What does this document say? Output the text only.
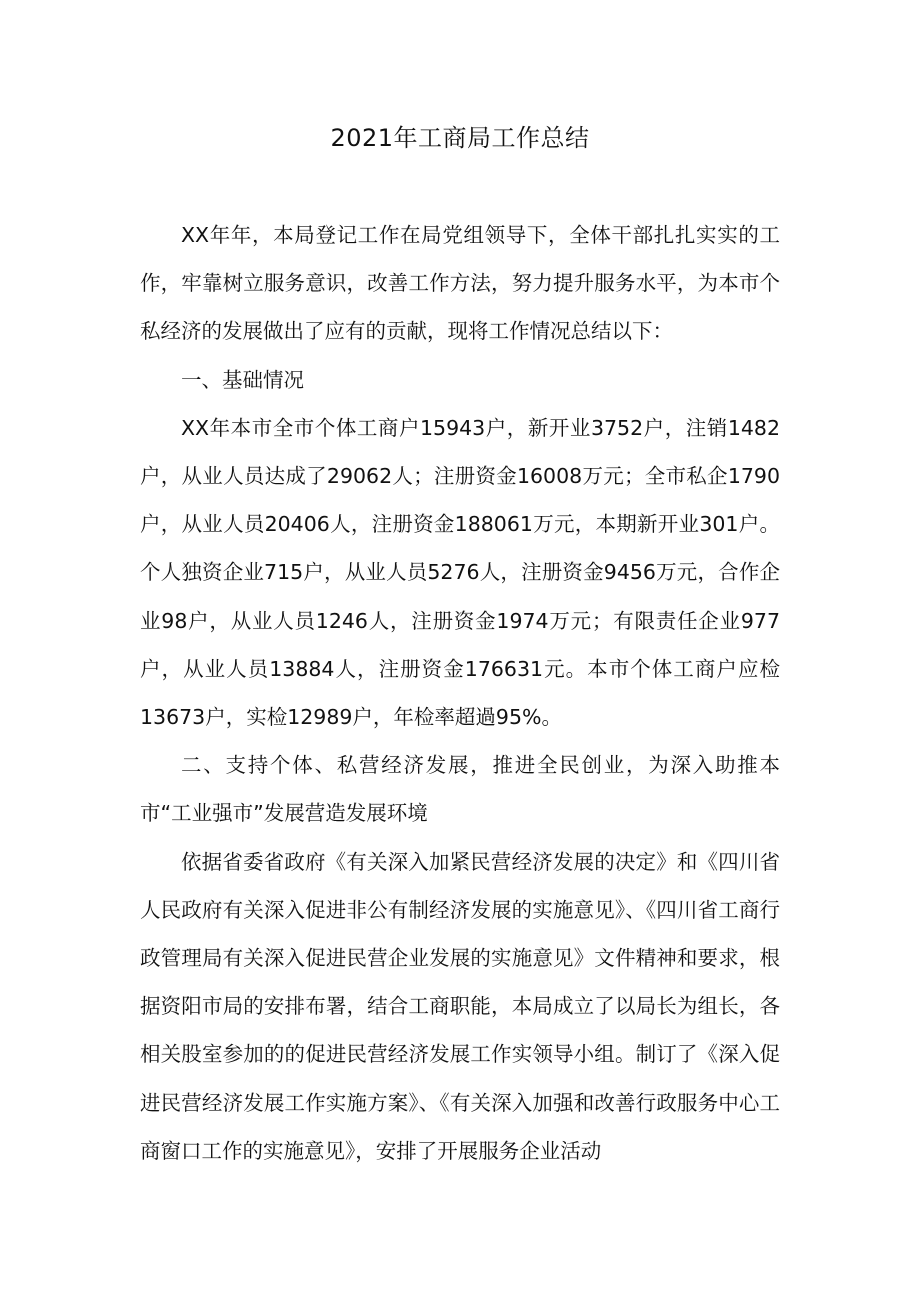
2021年工商局工作总结

XX年年，本局登记工作在局党组领导下，全体干部扎扎实实的工作，牢靠树立服务意识，改善工作方法，努力提升服务水平，为本市个私经济的发展做出了应有的贡献，现将工作情况总结以下：

一、基础情况

XX年本市全市个体工商户15943户，新开业3752户，注销1482户，从业人员达成了29062人；注册资金16008万元；全市私企1790户，从业人员20406人，注册资金188061万元，本期新开业301户。个人独资企业715户，从业人员5276人，注册资金9456万元，合作企业98户，从业人员1246人，注册资金1974万元；有限责任企业977户，从业人员13884人，注册资金176631元。本市个体工商户应检13673户，实检12989户，年检率超過95%。

二、支持个体、私营经济发展，推进全民创业，为深入助推本市“工业强市”发展营造发展环境

依据省委省政府《有关深入加紧民营经济发展的决定》和《四川省人民政府有关深入促进非公有制经济发展的实施意见》、《四川省工商行政管理局有关深入促进民营企业发展的实施意见》文件精神和要求，根据资阳市局的安排布署，结合工商职能，本局成立了以局长为组长，各相关股室参加的的促进民营经济发展工作实领导小组。制订了《深入促进民营经济发展工作实施方案》、《有关深入加强和改善行政服务中心工商窗口工作的实施意见》，安排了开展服务企业活动
